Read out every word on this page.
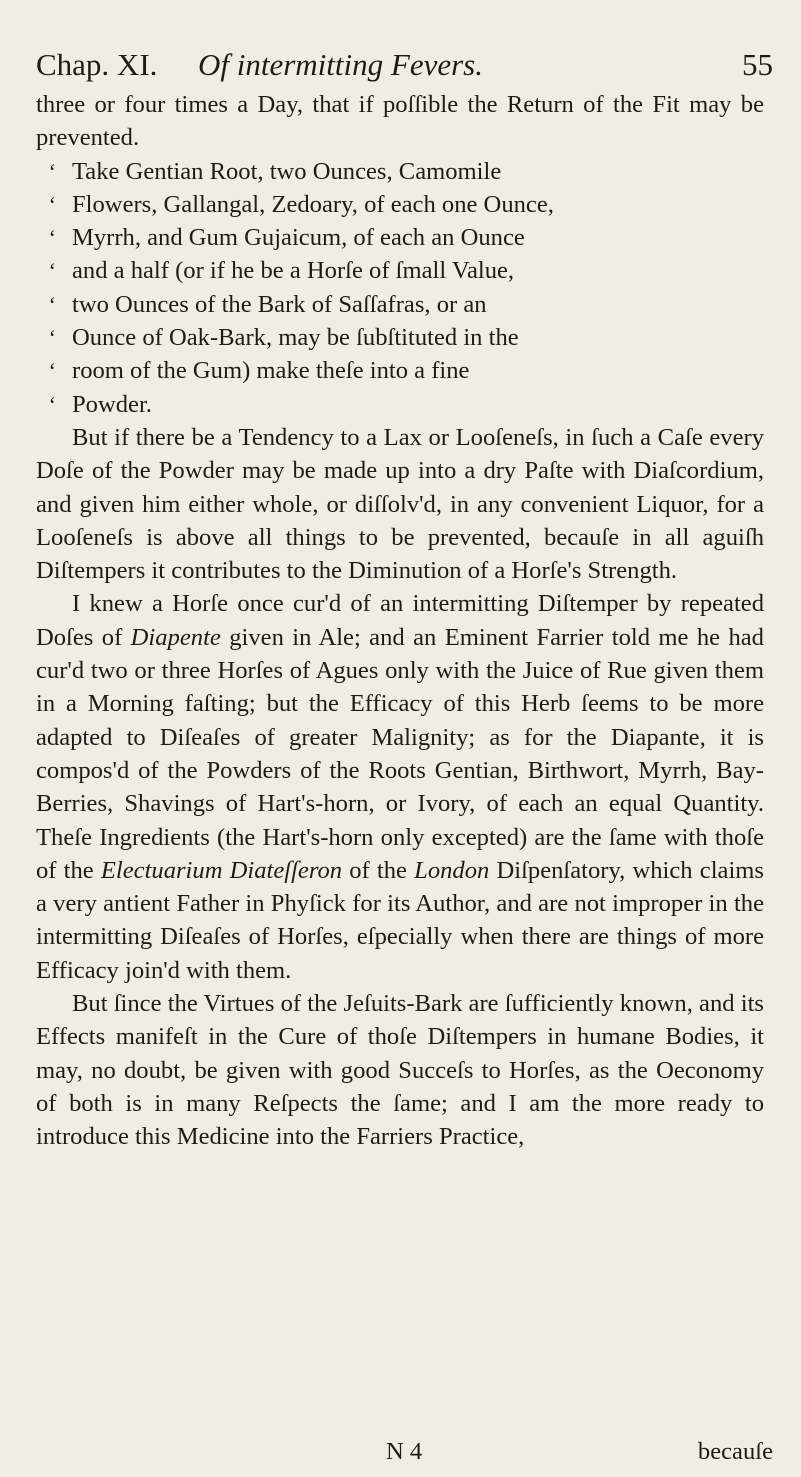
Chap. XI. Of intermitting Fevers.	55

three or four times a Day, that if poſſible the Return of the Fit may be prevented.

‘ Take Gentian Root, two Ounces, Camomile
‘ Flowers, Gallangal, Zedoary, of each one Ounce,
‘ Myrrh, and Gum Gujaicum, of each an Ounce
‘ and a half (or if he be a Horſe of ſmall Value,
‘ two Ounces of the Bark of Saſſafras, or an
‘ Ounce of Oak-Bark, may be ſubſtituted in the
‘ room of the Gum) make theſe into a fine
‘ Powder.

But if there be a Tendency to a Lax or Looſeneſs, in ſuch a Caſe every Doſe of the Powder may be made up into a dry Paſte with Diaſcordium, and given him either whole, or diſſolv'd, in any convenient Liquor, for a Looſeneſs is above all things to be prevented, becauſe in all aguiſh Diſtempers it contributes to the Diminution of a Horſe's Strength.

I knew a Horſe once cur'd of an intermitting Diſtemper by repeated Doſes of Diapente given in Ale; and an Eminent Farrier told me he had cur'd two or three Horſes of Agues only with the Juice of Rue given them in a Morning faſting; but the Efficacy of this Herb ſeems to be more adapted to Diſeaſes of greater Malignity; as for the Diapante, it is compos'd of the Powders of the Roots Gentian, Birthwort, Myrrh, Bay-Berries, Shavings of Hart's-horn, or Ivory, of each an equal Quantity. Theſe Ingredients (the Hart's-horn only excepted) are the ſame with thoſe of the Electuarium Diateſſeron of the London Diſpenſatory, which claims a very antient Father in Phyſick for its Author, and are not improper in the intermitting Diſeaſes of Horſes, eſpecially when there are things of more Efficacy join'd with them.

But ſince the Virtues of the Jeſuits-Bark are ſufficiently known, and its Effects manifeſt in the Cure of thoſe Diſtempers in humane Bodies, it may, no doubt, be given with good Succeſs to Horſes, as the Oeconomy of both is in many Reſpects the ſame; and I am the more ready to introduce this Medicine into the Farriers Practice,

N 4	becauſe
